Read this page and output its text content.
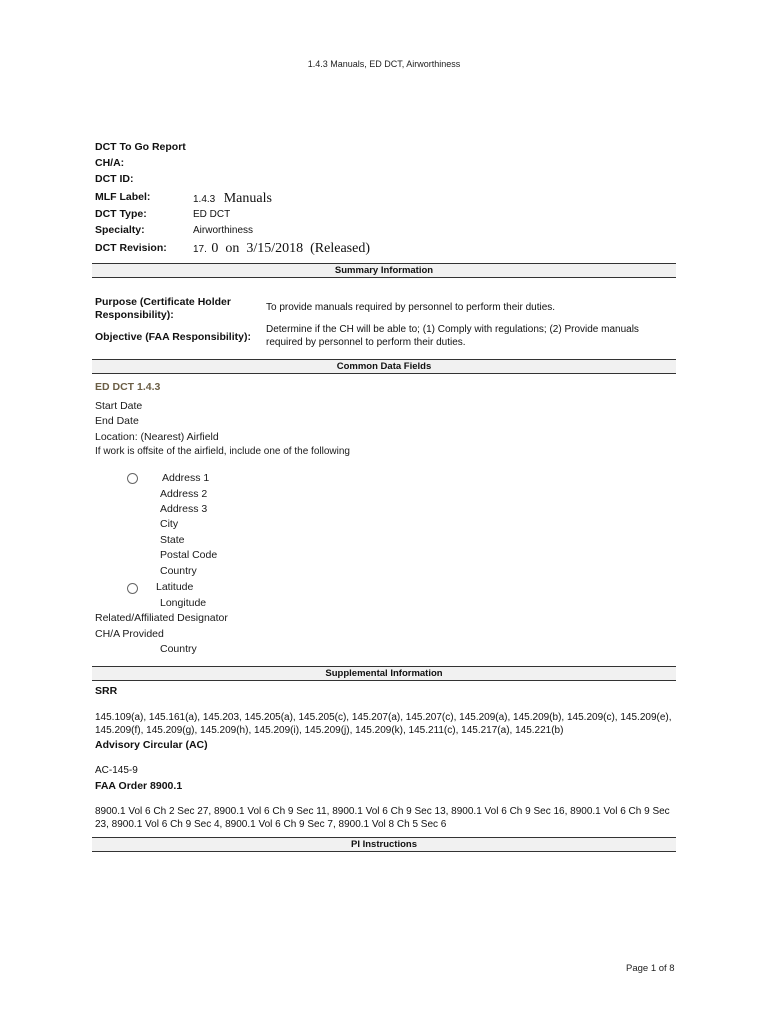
1.4.3 Manuals, ED DCT, Airworthiness
DCT To Go Report
CH/A:
DCT ID:
MLF Label:	1.4.3 Manuals
DCT Type:	ED DCT
Specialty:	Airworthiness
DCT Revision:	17. 0  on  3/15/2018  (Released)
Summary Information
Purpose (Certificate Holder Responsibility):
To provide manuals required by personnel to perform their duties.
Objective (FAA Responsibility):
Determine if the CH will be able to; (1) Comply with regulations; (2) Provide manuals required by personnel to perform their duties.
Common Data Fields
ED DCT 1.4.3
Start Date
End Date
Location: (Nearest) Airfield
If work is offsite of the airfield, include one of the following
Address 1
Address 2
Address 3
City
State
Postal Code
Country
Latitude
Longitude
Related/Affiliated Designator
CH/A Provided
Country
Supplemental Information
SRR
145.109(a), 145.161(a), 145.203, 145.205(a), 145.205(c), 145.207(a), 145.207(c), 145.209(a), 145.209(b), 145.209(c), 145.209(e), 145.209(f), 145.209(g), 145.209(h), 145.209(i), 145.209(j), 145.209(k), 145.211(c), 145.217(a), 145.221(b)
Advisory Circular (AC)
AC-145-9
FAA Order 8900.1
8900.1 Vol 6 Ch 2 Sec 27, 8900.1 Vol 6 Ch 9 Sec 11, 8900.1 Vol 6 Ch 9 Sec 13, 8900.1 Vol 6 Ch 9 Sec 16, 8900.1 Vol 6 Ch 9 Sec 23, 8900.1 Vol 6 Ch 9 Sec 4, 8900.1 Vol 6 Ch 9 Sec 7, 8900.1 Vol 8 Ch 5 Sec 6
PI Instructions
Page 1 of 8
